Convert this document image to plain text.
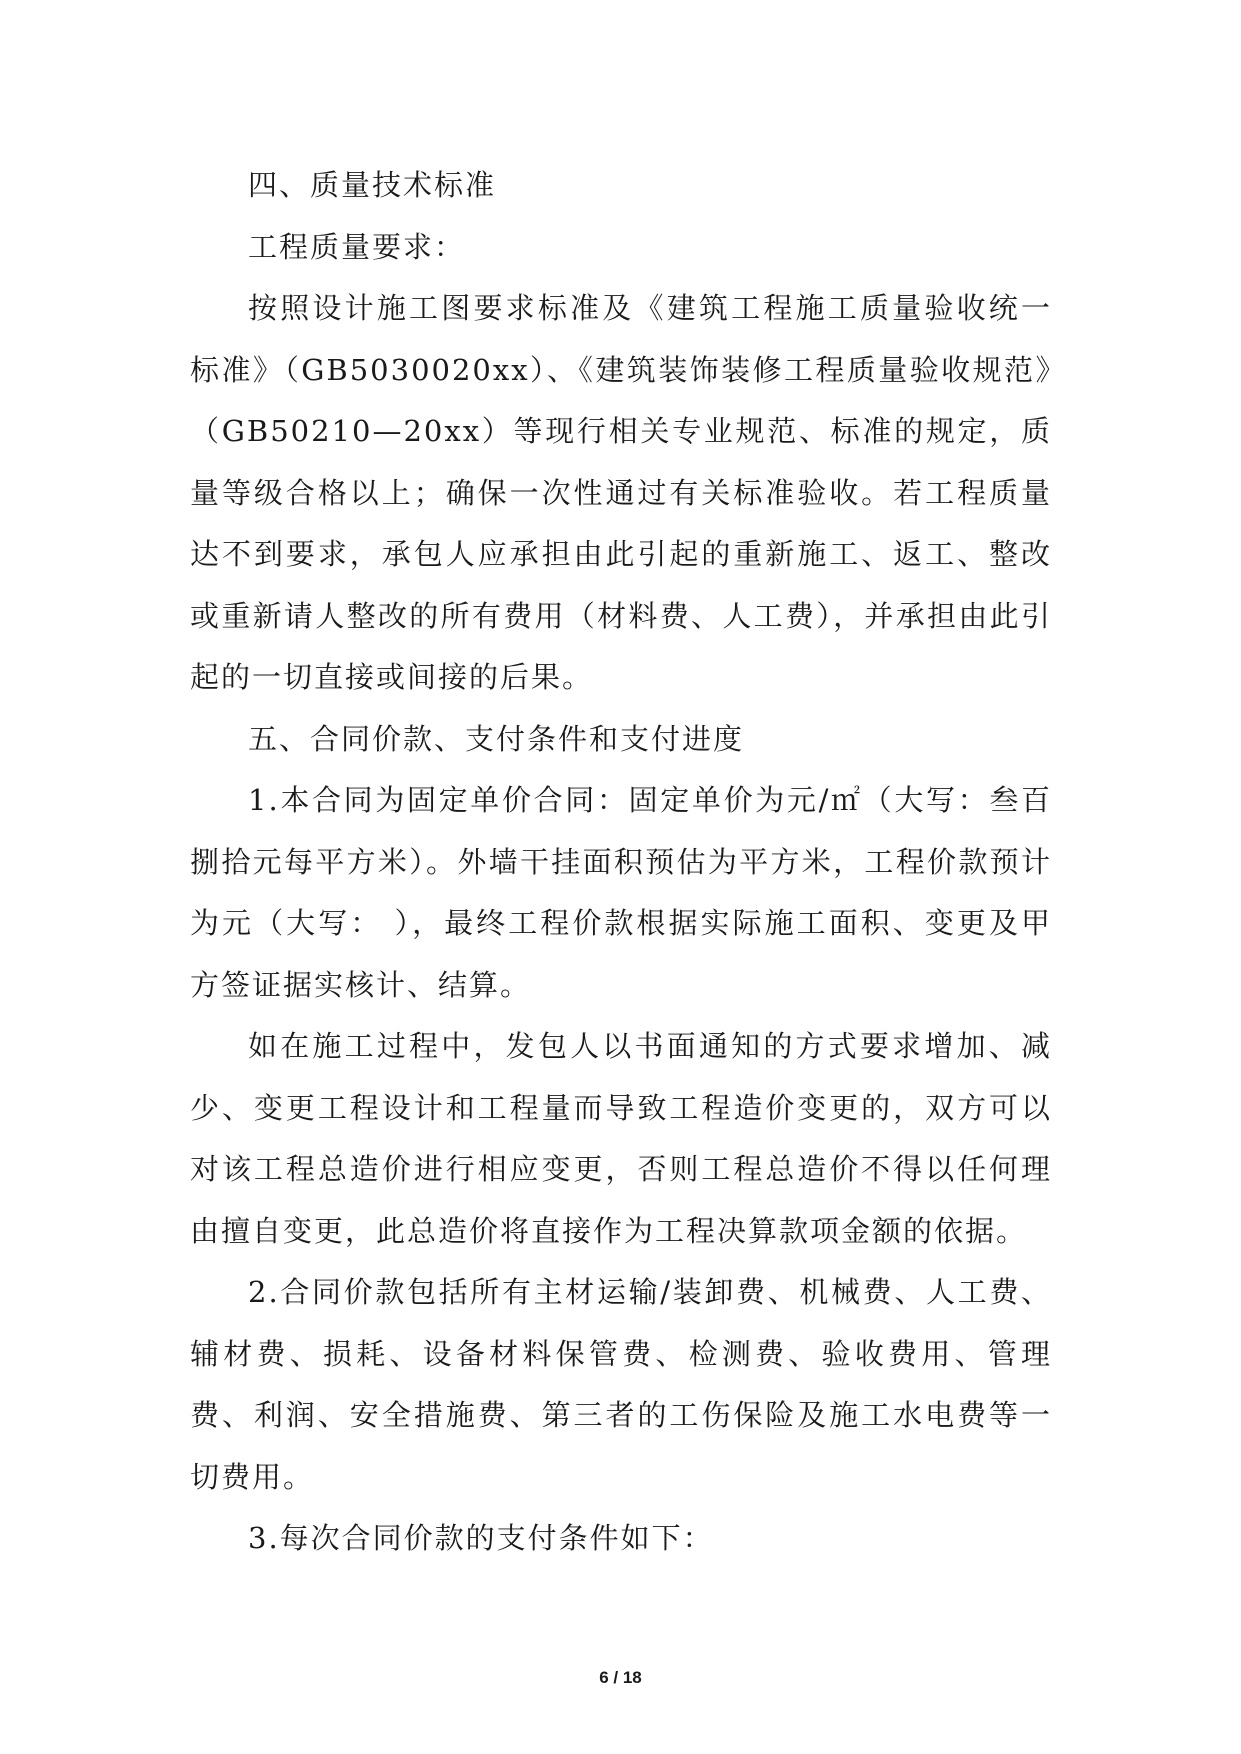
四、质量技术标准

工程质量要求：

按照设计施工图要求标准及《建筑工程施工质量验收统一标准》（GB5030020xx）、《建筑装饰装修工程质量验收规范》（GB50210—20xx）等现行相关专业规范、标准的规定，质量等级合格以上；确保一次性通过有关标准验收。若工程质量达不到要求，承包人应承担由此引起的重新施工、返工、整改或重新请人整改的所有费用（材料费、人工费），并承担由此引起的一切直接或间接的后果。

五、合同价款、支付条件和支付进度

1.本合同为固定单价合同：固定单价为元/㎡（大写：叁百捌拾元每平方米）。外墙干挂面积预估为平方米，工程价款预计为元（大写： ），最终工程价款根据实际施工面积、变更及甲方签证据实核计、结算。

如在施工过程中，发包人以书面通知的方式要求增加、减少、变更工程设计和工程量而导致工程造价变更的，双方可以对该工程总造价进行相应变更，否则工程总造价不得以任何理由擅自变更，此总造价将直接作为工程决算款项金额的依据。

2.合同价款包括所有主材运输/装卸费、机械费、人工费、辅材费、损耗、设备材料保管费、检测费、验收费用、管理费、利润、安全措施费、第三者的工伤保险及施工水电费等一切费用。

3.每次合同价款的支付条件如下：

6 / 18
